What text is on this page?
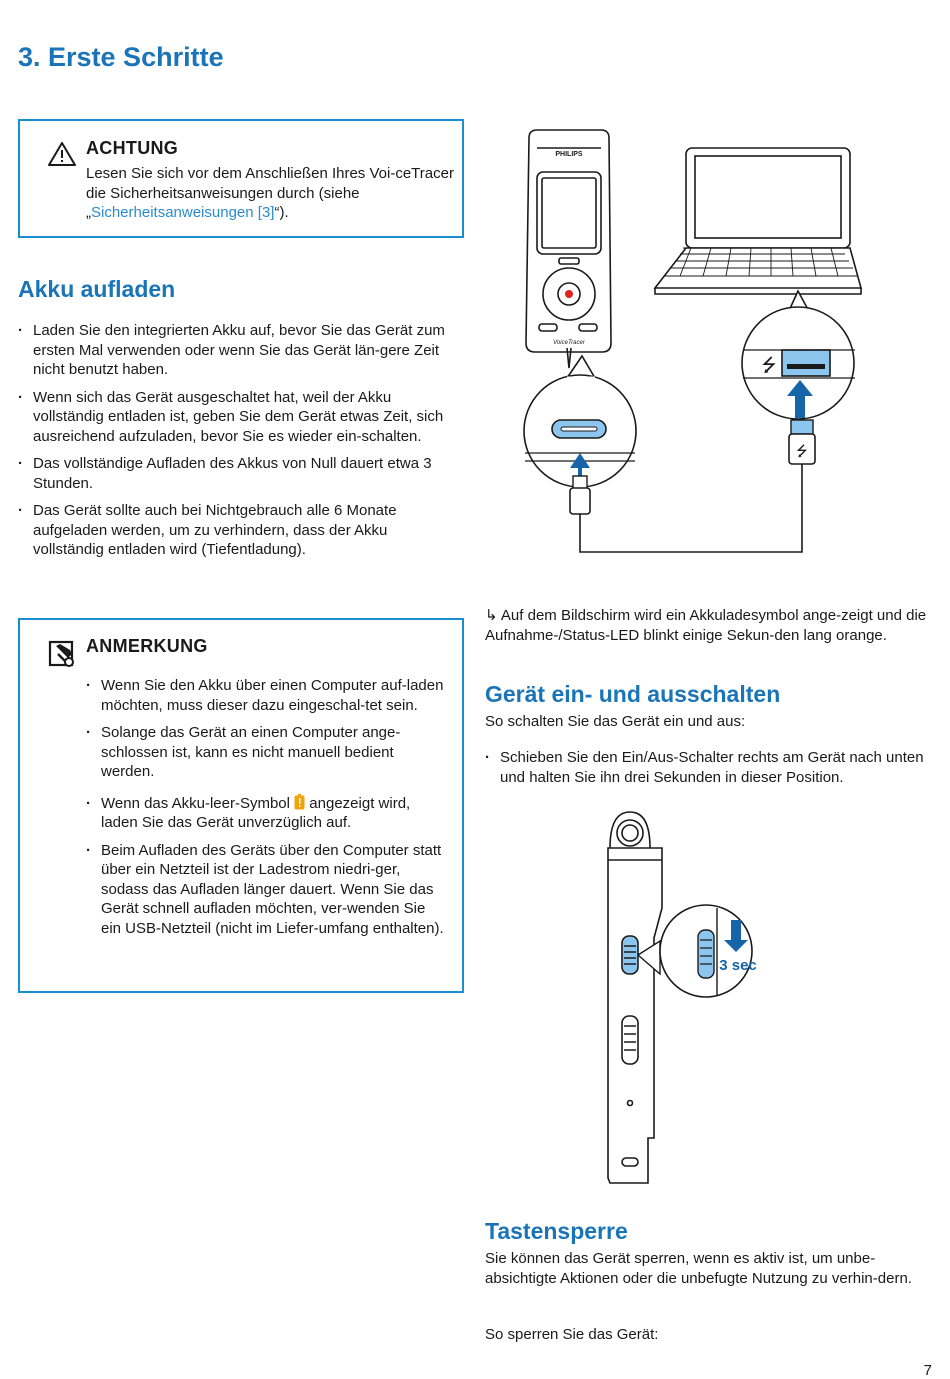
3. Erste Schritte
ACHTUNG
Lesen Sie sich vor dem Anschließen Ihres Voi-ceTracer die Sicherheitsanweisungen durch (siehe „Sicherheitsanweisungen [3]“).
Akku aufladen
· Laden Sie den integrierten Akku auf, bevor Sie das Gerät zum ersten Mal verwenden oder wenn Sie das Gerät län-gere Zeit nicht benutzt haben.
· Wenn sich das Gerät ausgeschaltet hat, weil der Akku vollständig entladen ist, geben Sie dem Gerät etwas Zeit, sich ausreichend aufzuladen, bevor Sie es wieder ein-schalten.
· Das vollständige Aufladen des Akkus von Null dauert etwa 3 Stunden.
· Das Gerät sollte auch bei Nichtgebrauch alle 6 Monate aufgeladen werden, um zu verhindern, dass der Akku vollständig entladen wird (Tiefentladung).
ANMERKUNG
· Wenn Sie den Akku über einen Computer auf-laden möchten, muss dieser dazu eingeschal-tet sein.
· Solange das Gerät an einen Computer ange-schlossen ist, kann es nicht manuell bedient werden.
· Wenn das Akku-leer-Symbol  angezeigt wird, laden Sie das Gerät unverzüglich auf.
· Beim Aufladen des Geräts über den Computer statt über ein Netzteil ist der Ladestrom niedri-ger, sodass das Aufladen länger dauert. Wenn Sie das Gerät schnell aufladen möchten, ver-wenden Sie ein USB-Netzteil (nicht im Liefer-umfang enthalten).
PHILIPS
VoiceTracer
⭍
⭍
↳ Auf dem Bildschirm wird ein Akkuladesymbol ange-zeigt und die Aufnahme-/Status-LED blinkt einige Sekun-den lang orange.
Gerät ein- und ausschalten
So schalten Sie das Gerät ein und aus:
· Schieben Sie den Ein/Aus-Schalter rechts am Gerät nach unten und halten Sie ihn drei Sekunden in dieser Position.
3 sec
Tastensperre
Sie können das Gerät sperren, wenn es aktiv ist, um unbe-absichtigte Aktionen oder die unbefugte Nutzung zu verhin-dern.
So sperren Sie das Gerät:
7
